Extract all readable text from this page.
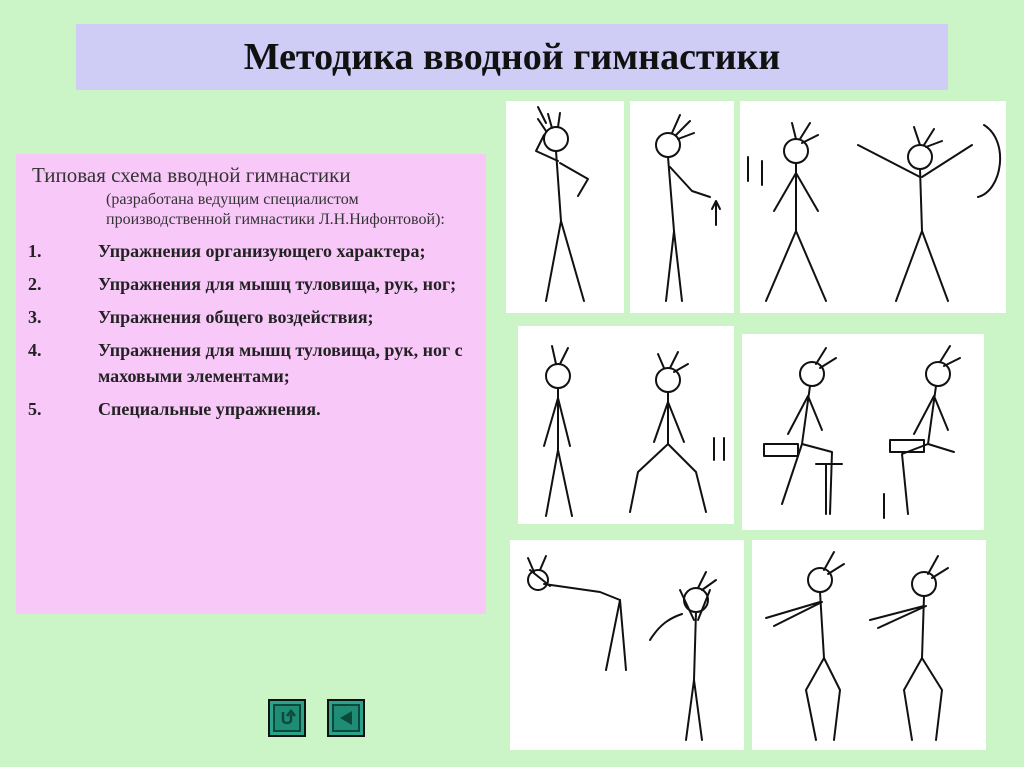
Методика вводной гимнастики

Типовая схема вводной гимнастики

(разработана ведущим специалистом производственной гимнастики Л.Н.Нифонтовой):

1.	Упражнения организующего характера;
2.	Упражнения для мышц туловища, рук, ног;
3.	Упражнения общего воздействия;
4.	Упражнения для мышц туловища, рук, ног с маховыми элементами;
5.	Специальные упражнения.
